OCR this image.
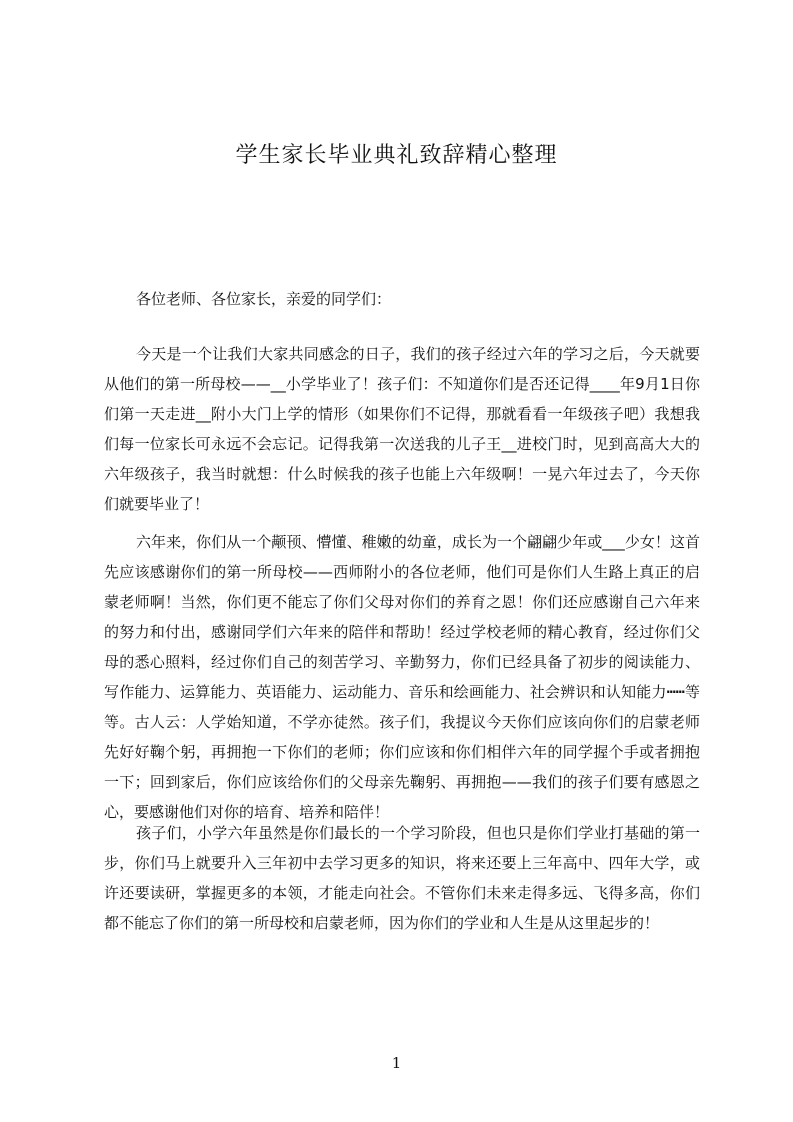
学生家长毕业典礼致辞精心整理

各位老师、各位家长，亲爱的同学们：

今天是一个让我们大家共同感念的日子，我们的孩子经过六年的学习之后，今天就要从他们的第一所母校——__小学毕业了！孩子们：不知道你们是否还记得____年9月1日你们第一天走进__附小大门上学的情形（如果你们不记得，那就看看一年级孩子吧）我想我们每一位家长可永远不会忘记。记得我第一次送我的儿子王__进校门时，见到高高大大的六年级孩子，我当时就想：什么时候我的孩子也能上六年级啊！一晃六年过去了，今天你们就要毕业了！

六年来，你们从一个颟顸、懵懂、稚嫩的幼童，成长为一个翩翩少年或___少女！这首先应该感谢你们的第一所母校——西师附小的各位老师，他们可是你们人生路上真正的启蒙老师啊！当然，你们更不能忘了你们父母对你们的养育之恩！你们还应感谢自己六年来的努力和付出，感谢同学们六年来的陪伴和帮助！经过学校老师的精心教育，经过你们父母的悉心照料，经过你们自己的刻苦学习、辛勤努力，你们已经具备了初步的阅读能力、写作能力、运算能力、英语能力、运动能力、音乐和绘画能力、社会辨识和认知能力┅┅等等。古人云：人学始知道，不学亦徒然。孩子们，我提议今天你们应该向你们的启蒙老师先好好鞠个躬，再拥抱一下你们的老师；你们应该和你们相伴六年的同学握个手或者拥抱一下；回到家后，你们应该给你们的父母亲先鞠躬、再拥抱——我们的孩子们要有感恩之心，要感谢他们对你的培育、培养和陪伴！

孩子们，小学六年虽然是你们最长的一个学习阶段，但也只是你们学业打基础的第一步，你们马上就要升入三年初中去学习更多的知识，将来还要上三年高中、四年大学，或许还要读研，掌握更多的本领，才能走向社会。不管你们未来走得多远、飞得多高，你们都不能忘了你们的第一所母校和启蒙老师，因为你们的学业和人生是从这里起步的！

1
